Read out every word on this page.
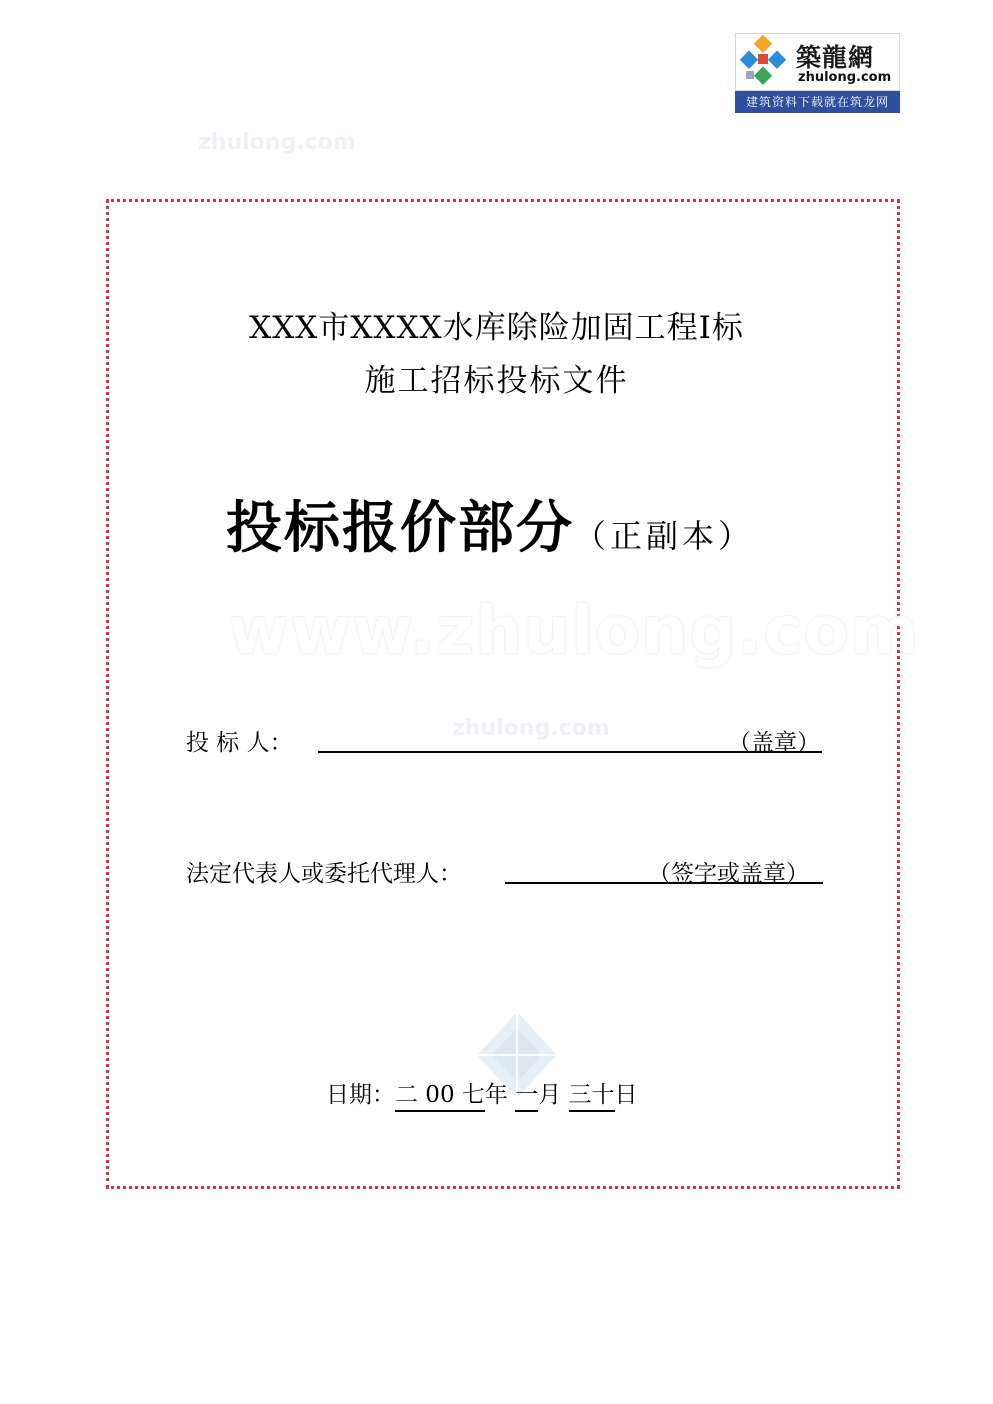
築龍網
zhulong.com
建筑资料下载就在筑龙网
zhulong.com
XXX市XXXX水库除险加固工程Ⅰ标
施工招标投标文件
投标报价部分（正副本）
www.zhulong.com
投 标 人：
zhulong.com
（盖章）
法定代表人或委托代理人：	（签字或盖章）
日期：二 00 七年 一月 三十日
